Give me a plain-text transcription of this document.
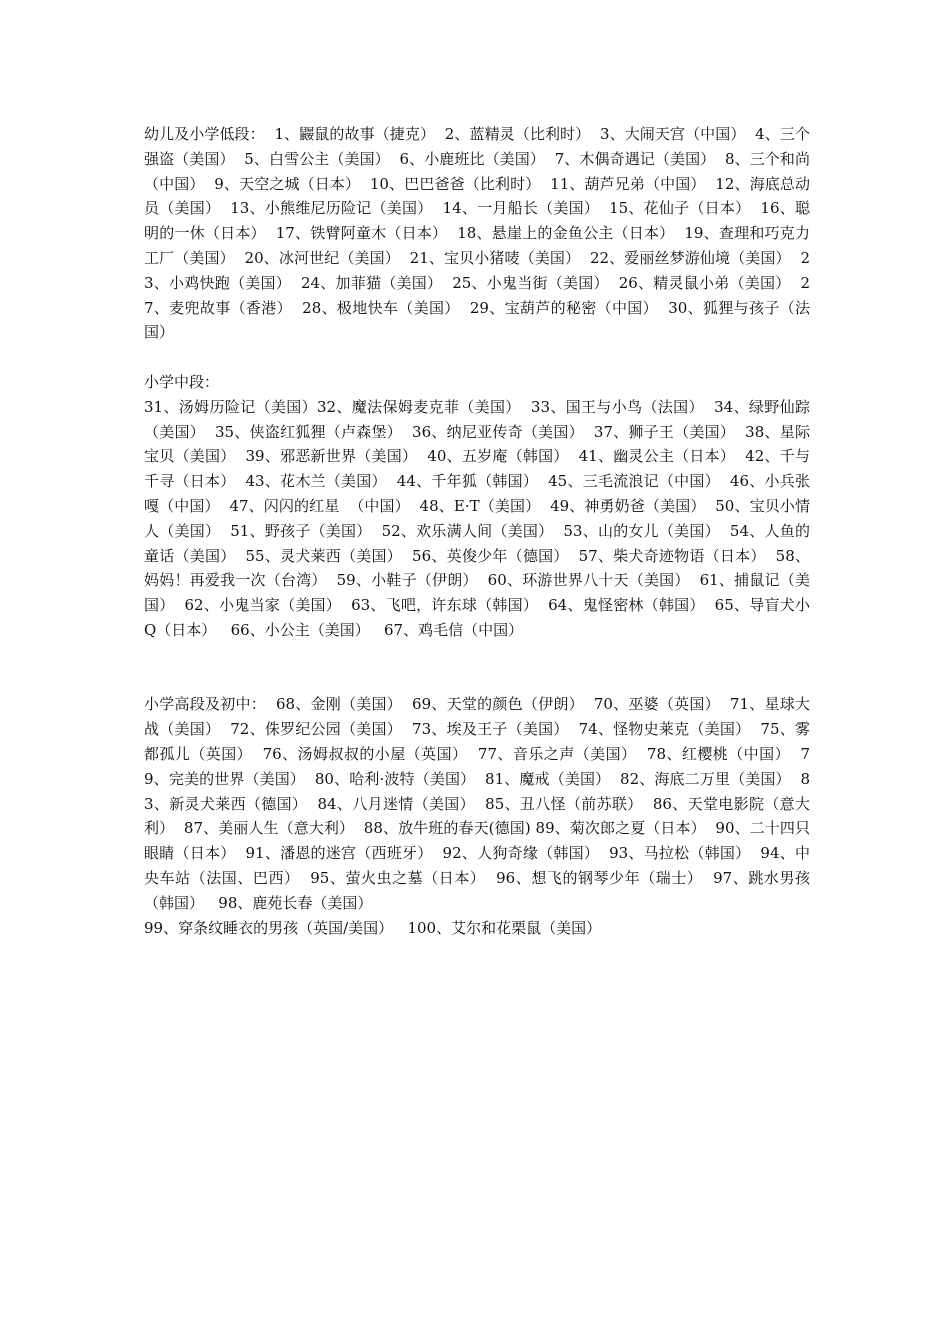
幼儿及小学低段：  1、鼹鼠的故事（捷克）  2、蓝精灵（比利时）  3、大闹天宫（中国）  4、三个强盗（美国）  5、白雪公主（美国）  6、小鹿班比（美国）  7、木偶奇遇记（美国）  8、三个和尚（中国）  9、天空之城（日本）  10、巴巴爸爸（比利时）  11、葫芦兄弟（中国）  12、海底总动员（美国）  13、小熊维尼历险记（美国）  14、一月船长（美国）  15、花仙子（日本）  16、聪明的一休（日本）  17、铁臂阿童木（日本）  18、悬崖上的金鱼公主（日本）  19、查理和巧克力工厂（美国）  20、冰河世纪（美国）  21、宝贝小猪唛（美国）  22、爱丽丝梦游仙境（美国）  23、小鸡快跑（美国）  24、加菲猫（美国）  25、小鬼当街（美国）  26、精灵鼠小弟（美国）  27、麦兜故事（香港）  28、极地快车（美国）  29、宝葫芦的秘密（中国）  30、狐狸与孩子（法国）

小学中段：

31、汤姆历险记（美国）32、魔法保姆麦克菲（美国）  33、国王与小鸟（法国）  34、绿野仙踪（美国）  35、侠盗红狐狸（卢森堡）  36、纳尼亚传奇（美国）  37、狮子王（美国）  38、星际宝贝（美国）  39、邪恶新世界（美国）  40、五岁庵（韩国）  41、幽灵公主（日本）  42、千与千寻（日本）  43、花木兰（美国）  44、千年狐（韩国）  45、三毛流浪记（中国）  46、小兵张嘎（中国）  47、闪闪的红星  （中国）  48、E·T（美国）  49、神勇奶爸（美国）  50、宝贝小情人（美国）  51、野孩子（美国）  52、欢乐满人间（美国）  53、山的女儿（美国）  54、人鱼的童话（美国）  55、灵犬莱西（美国）  56、英俊少年（德国）  57、柴犬奇迹物语（日本）  58、妈妈！再爱我一次（台湾）  59、小鞋子（伊朗）  60、环游世界八十天（美国）  61、捕鼠记（美国）  62、小鬼当家（美国）  63、飞吧，许东球（韩国）  64、鬼怪密林（韩国）  65、导盲犬小 Q（日本）   66、小公主（美国）   67、鸡毛信（中国）

小学高段及初中：  68、金刚（美国）  69、天堂的颜色（伊朗）  70、巫婆（英国）  71、星球大战（美国）  72、侏罗纪公园（美国）  73、埃及王子（美国）  74、怪物史莱克（美国）  75、雾都孤儿（英国）  76、汤姆叔叔的小屋（英国）  77、音乐之声（美国）  78、红樱桃（中国）  79、完美的世界（美国）  80、哈利·波特（美国）  81、魔戒（美国）  82、海底二万里（美国）  83、新灵犬莱西（德国）  84、八月迷情（美国）  85、丑八怪（前苏联）  86、天堂电影院（意大利）  87、美丽人生（意大利）  88、放牛班的春天(德国) 89、菊次郎之夏（日本）  90、二十四只眼睛（日本）  91、潘恩的迷宫（西班牙）  92、人狗奇缘（韩国）  93、马拉松（韩国）  94、中央车站（法国、巴西）  95、萤火虫之墓（日本）  96、想飞的钢琴少年（瑞士）  97、跳水男孩（韩国）   98、鹿苑长春（美国）

99、穿条纹睡衣的男孩（英国/美国）   100、艾尔和花栗鼠（美国）
